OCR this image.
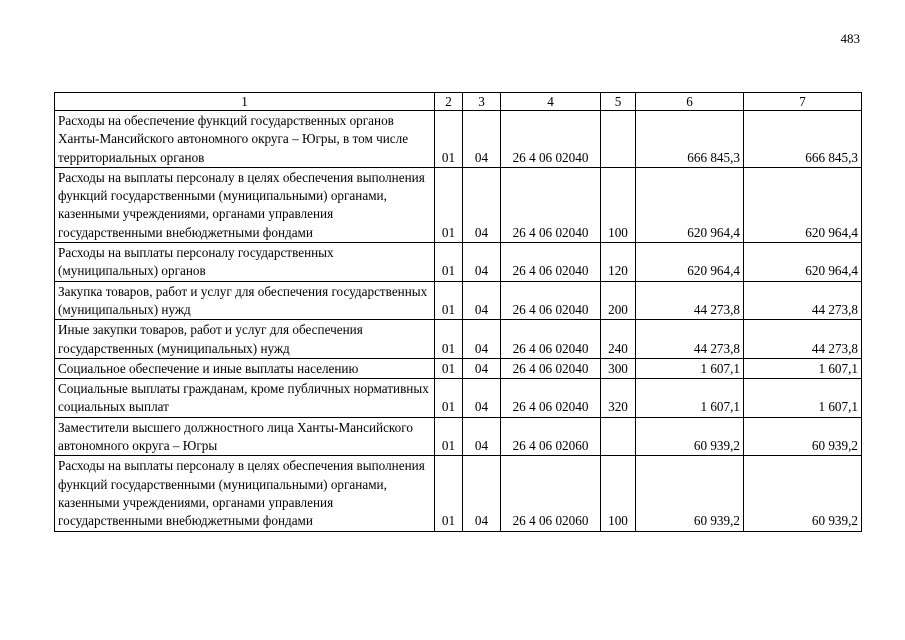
483
1	2	3	4	5	6	7
Расходы на обеспечение функций государственных органов Ханты-Мансийского автономного округа – Югры, в том числе территориальных органов	01	04	26 4 06 02040		666 845,3	666 845,3
Расходы на выплаты персоналу в целях обеспечения выполнения функций государственными (муниципальными) органами, казенными учреждениями, органами управления государственными внебюджетными фондами	01	04	26 4 06 02040	100	620 964,4	620 964,4
Расходы на выплаты персоналу государственных (муниципальных) органов	01	04	26 4 06 02040	120	620 964,4	620 964,4
Закупка товаров, работ и услуг для обеспечения государственных (муниципальных) нужд	01	04	26 4 06 02040	200	44 273,8	44 273,8
Иные закупки товаров, работ и услуг для обеспечения государственных (муниципальных) нужд	01	04	26 4 06 02040	240	44 273,8	44 273,8
Социальное обеспечение и иные выплаты населению	01	04	26 4 06 02040	300	1 607,1	1 607,1
Социальные выплаты гражданам, кроме публичных нормативных социальных выплат	01	04	26 4 06 02040	320	1 607,1	1 607,1
Заместители высшего должностного лица Ханты-Мансийского автономного округа – Югры	01	04	26 4 06 02060		60 939,2	60 939,2
Расходы на выплаты персоналу в целях обеспечения выполнения функций государственными (муниципальными) органами, казенными учреждениями, органами управления государственными внебюджетными фондами	01	04	26 4 06 02060	100	60 939,2	60 939,2
